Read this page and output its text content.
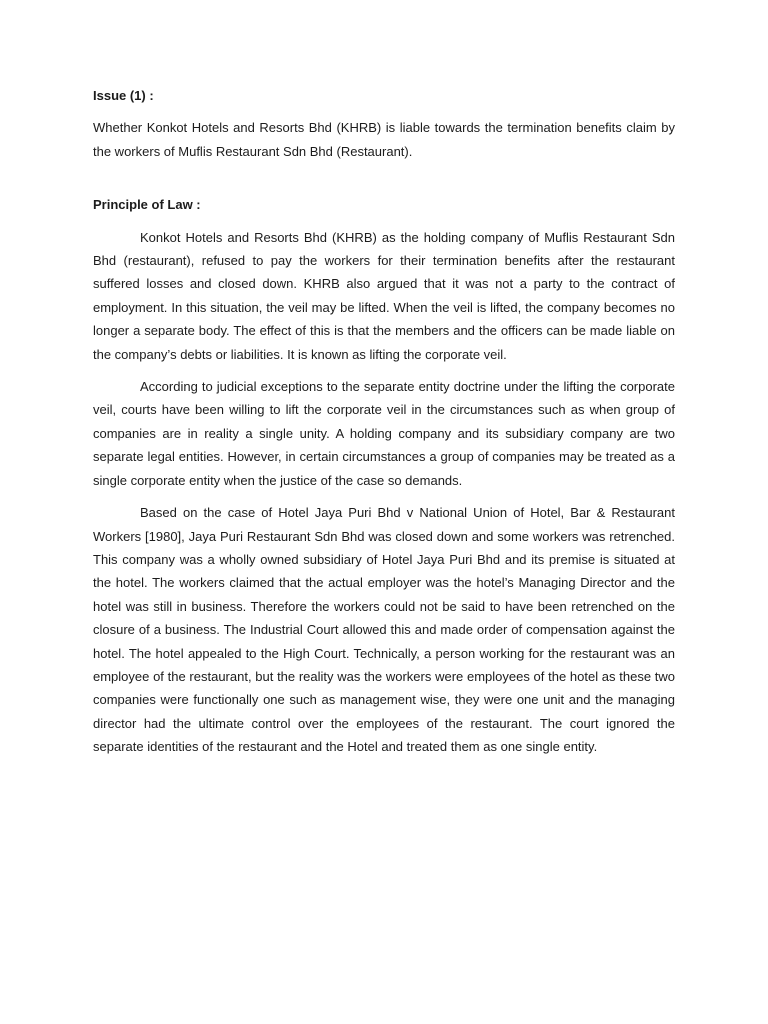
Issue (1) :

Whether Konkot Hotels and Resorts Bhd (KHRB) is liable towards the termination benefits claim by the workers of Muflis Restaurant Sdn Bhd (Restaurant).

Principle of Law :

Konkot Hotels and Resorts Bhd (KHRB) as the holding company of Muflis Restaurant Sdn Bhd (restaurant), refused to pay the workers for their termination benefits after the restaurant suffered losses and closed down. KHRB also argued that it was not a party to the contract of employment. In this situation, the veil may be lifted. When the veil is lifted, the company becomes no longer a separate body. The effect of this is that the members and the officers can be made liable on the company’s debts or liabilities. It is known as lifting the corporate veil.

According to judicial exceptions to the separate entity doctrine under the lifting the corporate veil, courts have been willing to lift the corporate veil in the circumstances such as when group of companies are in reality a single unity. A holding company and its subsidiary company are two separate legal entities. However, in certain circumstances a group of companies may be treated as a single corporate entity when the justice of the case so demands.

Based on the case of Hotel Jaya Puri Bhd v National Union of Hotel, Bar & Restaurant Workers [1980], Jaya Puri Restaurant Sdn Bhd was closed down and some workers was retrenched. This company was a wholly owned subsidiary of Hotel Jaya Puri Bhd and its premise is situated at the hotel. The workers claimed that the actual employer was the hotel’s Managing Director and the hotel was still in business. Therefore the workers could not be said to have been retrenched on the closure of a business. The Industrial Court allowed this and made order of compensation against the hotel. The hotel appealed to the High Court. Technically, a person working for the restaurant was an employee of the restaurant, but the reality was the workers were employees of the hotel as these two companies were functionally one such as management wise, they were one unit and the managing director had the ultimate control over the employees of the restaurant. The court ignored the separate identities of the restaurant and the Hotel and treated them as one single entity.
